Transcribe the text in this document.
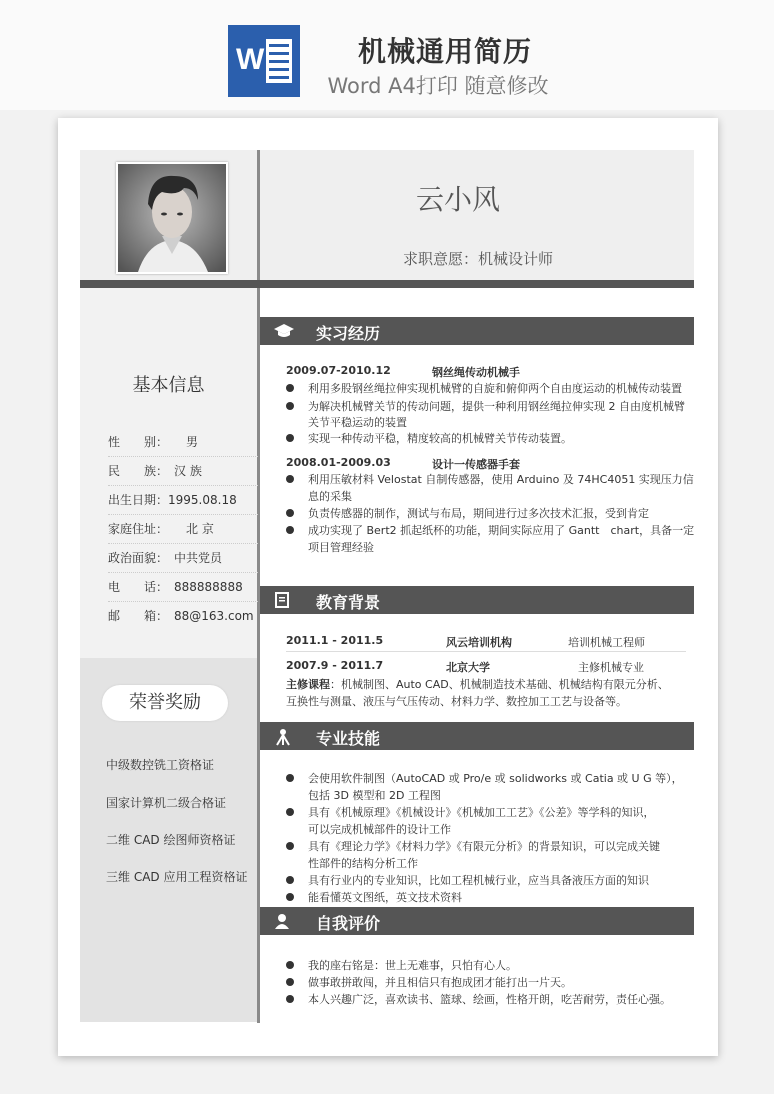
W	机械通用简历
Word A4打印 随意修改
云小风
求职意愿：机械设计师
基本信息
性　　别：　　男
民　　族：　汉 族
出生日期：1995.08.18
家庭住址：　　北 京
政治面貌：　中共党员
电　　话：　888888888
邮　　箱：　88@163.com
荣誉奖励
中级数控铣工资格证
国家计算机二级合格证
二维 CAD 绘图师资格证
三维 CAD 应用工程资格证
实习经历
2009.07-2010.12	钢丝绳传动机械手
利用多股钢丝绳拉伸实现机械臂的自旋和俯仰两个自由度运动的机械传动装置
为解决机械臂关节的传动问题，提供一种利用钢丝绳拉伸实现 2 自由度机械臂
关节平稳运动的装置
实现一种传动平稳，精度较高的机械臂关节传动装置。
2008.01-2009.03	设计一传感器手套
利用压敏材料 Velostat 自制传感器，使用 Arduino 及 74HC4051 实现压力信
息的采集
负责传感器的制作，测试与布局，期间进行过多次技术汇报，受到肯定
成功实现了 Bert2 抓起纸杯的功能，期间实际应用了 Gantt　chart，具备一定
项目管理经验
教育背景
2011.1 - 2011.5	风云培训机构	培训机械工程师
2007.9 - 2011.7	北京大学	主修机械专业
主修课程：机械制图、Auto CAD、机械制造技术基础、机械结构有限元分析、
互换性与测量、液压与气压传动、材料力学、数控加工工艺与设备等。
专业技能
会使用软件制图（AutoCAD 或 Pro/e 或 solidworks 或 Catia 或 U G 等），
包括 3D 模型和 2D 工程图
具有《机械原理》《机械设计》《机械加工工艺》《公差》等学科的知识，
可以完成机械部件的设计工作
具有《理论力学》《材料力学》《有限元分析》的背景知识，可以完成关键
性部件的结构分析工作
具有行业内的专业知识，比如工程机械行业，应当具备液压方面的知识
能看懂英文图纸，英文技术资料
自我评价
我的座右铭是：世上无难事，只怕有心人。
做事敢拼敢闯，并且相信只有抱成团才能打出一片天。
本人兴趣广泛，喜欢读书、篮球、绘画，性格开朗，吃苦耐劳，责任心强。
